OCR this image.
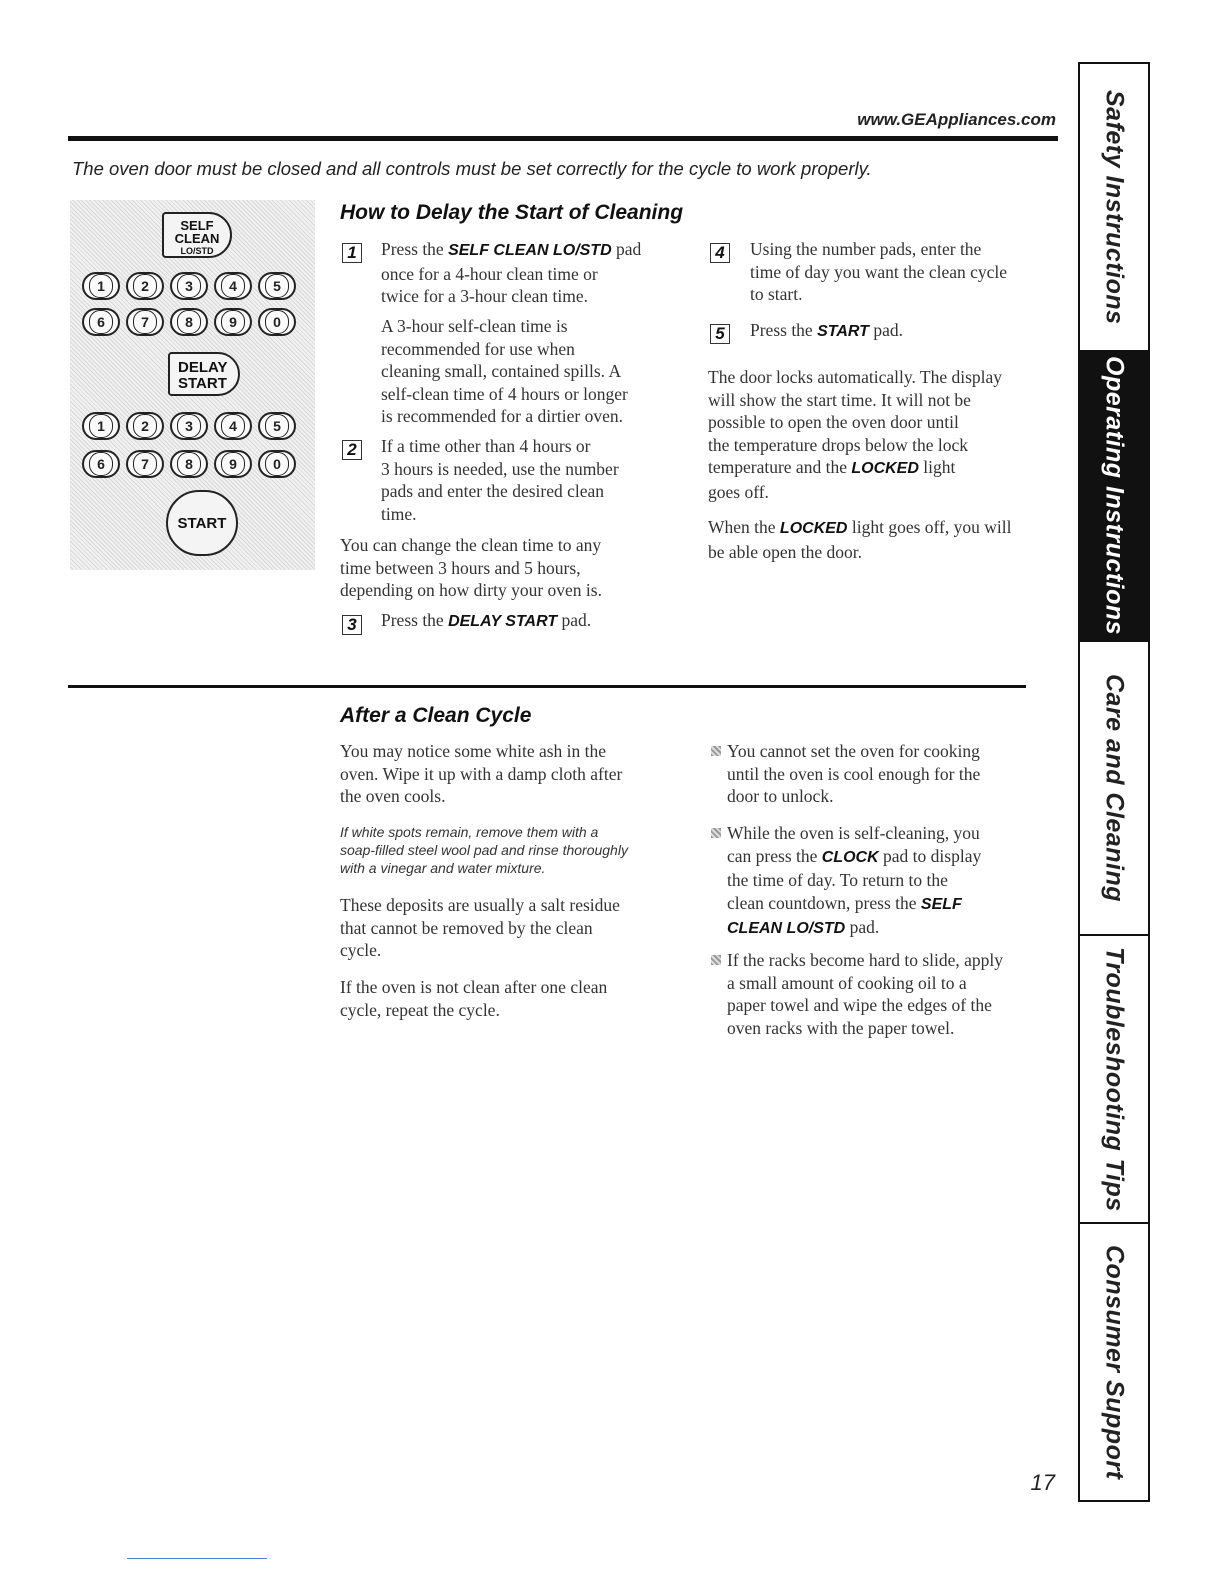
www.GEAppliances.com
The oven door must be closed and all controls must be set correctly for the cycle to work properly.
SELF
CLEAN
LO/STD
1	2	3	4	5
6	7	8	9	0
DELAY
START
1	2	3	4	5
6	7	8	9	0
START
How to Delay the Start of Cleaning
1	Press the SELF CLEAN LO/STD pad
once for a 4-hour clean time or
twice for a 3-hour clean time.
A 3-hour self-clean time is
recommended for use when
cleaning small, contained spills. A
self-clean time of 4 hours or longer
is recommended for a dirtier oven.
2	If a time other than 4 hours or
3 hours is needed, use the number
pads and enter the desired clean
time.
You can change the clean time to any
time between 3 hours and 5 hours,
depending on how dirty your oven is.
3	Press the DELAY START pad.
4	Using the number pads, enter the
time of day you want the clean cycle
to start.
5	Press the START pad.
The door locks automatically. The display
will show the start time. It will not be
possible to open the oven door until
the temperature drops below the lock
temperature and the LOCKED light
goes off.
When the LOCKED light goes off, you will
be able open the door.
After a Clean Cycle
You may notice some white ash in the
oven. Wipe it up with a damp cloth after
the oven cools.
If white spots remain, remove them with a
soap-filled steel wool pad and rinse thoroughly
with a vinegar and water mixture.
These deposits are usually a salt residue
that cannot be removed by the clean
cycle.
If the oven is not clean after one clean
cycle, repeat the cycle.
You cannot set the oven for cooking
until the oven is cool enough for the
door to unlock.
While the oven is self-cleaning, you
can press the CLOCK pad to display
the time of day. To return to the
clean countdown, press the SELF
CLEAN LO/STD pad.
If the racks become hard to slide, apply
a small amount of cooking oil to a
paper towel and wipe the edges of the
oven racks with the paper towel.
Safety Instructions
Operating Instructions
Care and Cleaning
Troubleshooting Tips
Consumer Support
17
